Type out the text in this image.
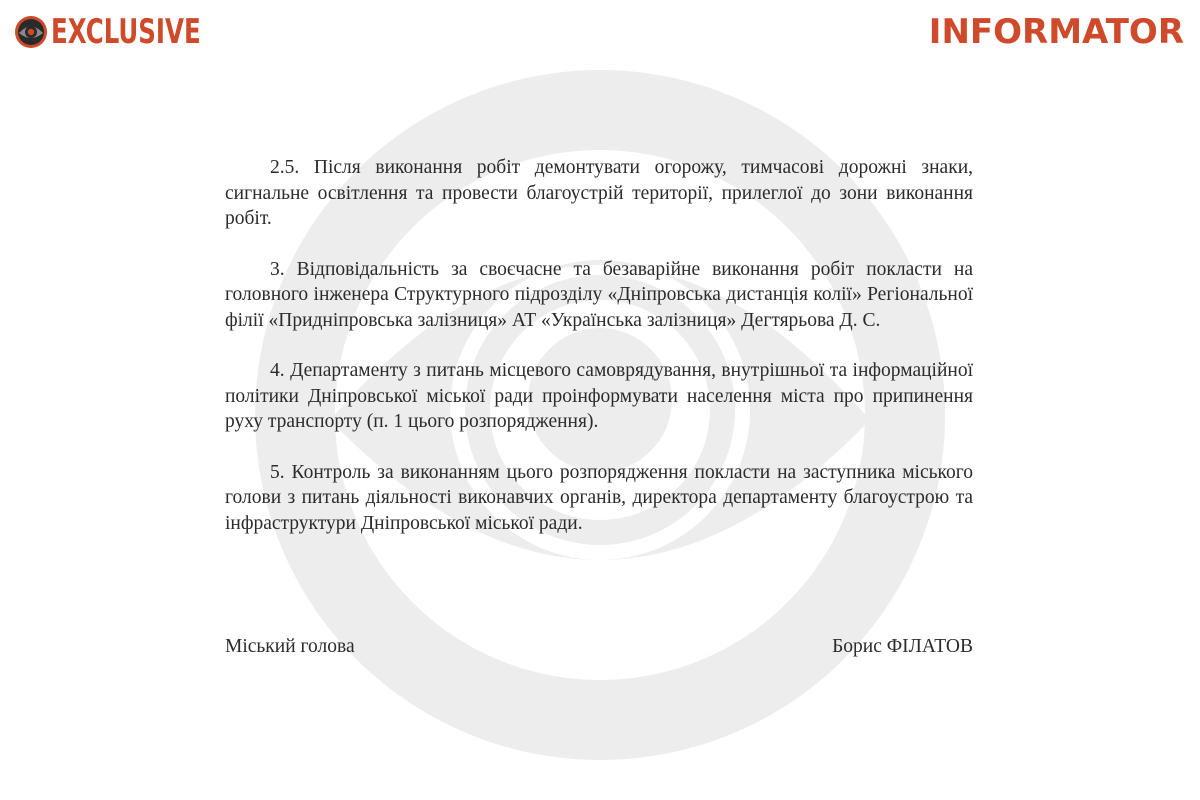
EXCLUSIVE	INFORMATOR

2.5. Після виконання робіт демонтувати огорожу, тимчасові дорожні знаки, сигнальне освітлення та провести благоустрій території, прилеглої до зони виконання робіт.

3. Відповідальність за своєчасне та безаварійне виконання робіт покласти на головного інженера Структурного підрозділу «Дніпровська дистанція колії» Регіональної філії «Придніпровська залізниця» АТ «Українська залізниця» Дегтярьова Д. С.

4. Департаменту з питань місцевого самоврядування, внутрішньої та інформаційної політики Дніпровської міської ради проінформувати населення міста про припинення руху транспорту (п. 1 цього розпорядження).

5. Контроль за виконанням цього розпорядження покласти на заступника міського голови з питань діяльності виконавчих органів, директора департаменту благоустрою та інфраструктури Дніпровської міської ради.

Міський голова	Борис ФІЛАТОВ
